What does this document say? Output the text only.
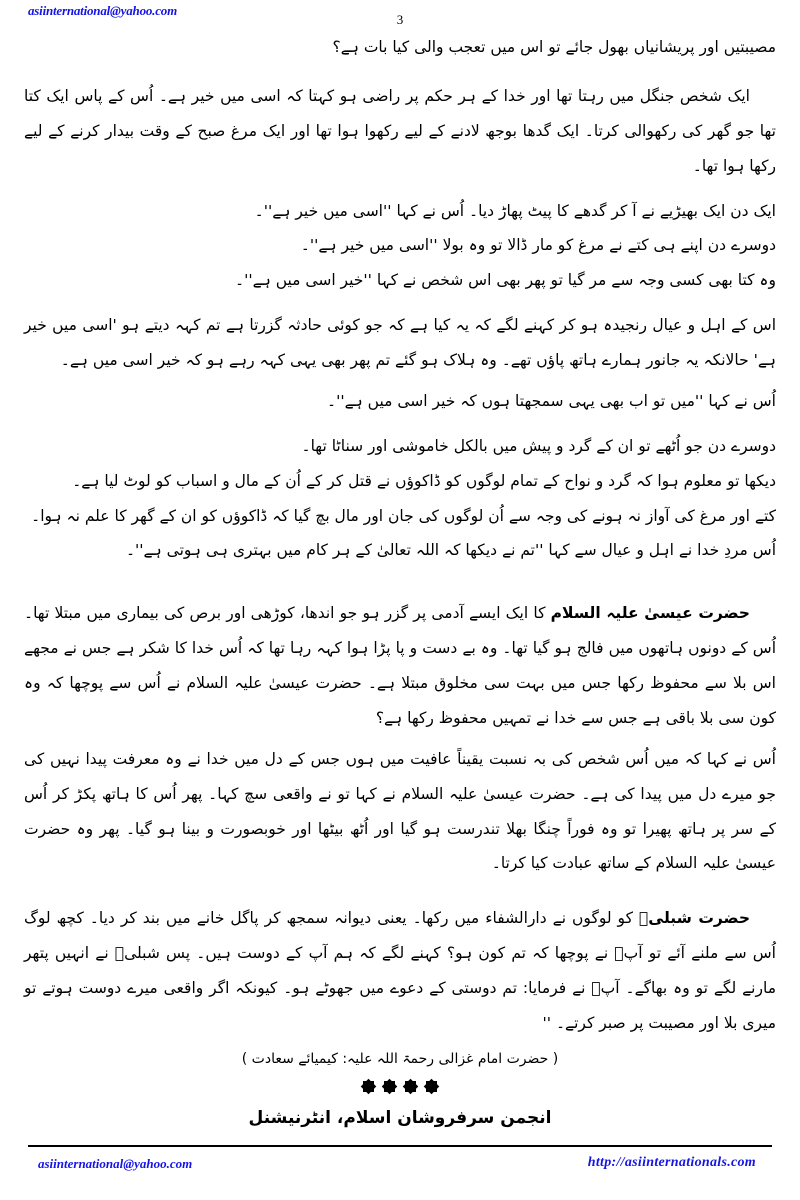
asiinternational@yahoo.com
3
مصیبتیں اور پریشانیاں بھول جائے تو اس میں تعجب والی کیا بات ہے؟

ایک شخص جنگل میں رہتا تھا اور خدا کے ہر حکم پر راضی ہو کہتا کہ اسی میں خیر ہے۔ اُس کے پاس ایک کتا تھا جو گھر کی رکھوالی کرتا۔ ایک گدھا بوجھ لادنے کے لیے رکھوا ہوا تھا اور ایک مرغ صبح کے وقت بیدار کرنے کے لیے رکھا ہوا تھا۔

ایک دن ایک بھیڑیے نے آ کر گدھے کا پیٹ پھاڑ دیا۔ اُس نے کہا ''اسی میں خیر ہے''۔

دوسرے دن اپنے ہی کتے نے مرغ کو مار ڈالا تو وہ بولا ''اسی میں خیر ہے''۔

وہ کتا بھی کسی وجہ سے مر گیا تو پھر بھی اس شخص نے کہا ''خیر اسی میں ہے''۔

اس کے اہل و عیال رنجیدہ ہو کر کہنے لگے کہ یہ کیا ہے کہ جو کوئی حادثہ گزرتا ہے تم کہہ دیتے ہو 'اسی میں خیر ہے' حالانکہ یہ جانور ہمارے ہاتھ پاؤں تھے۔ وہ ہلاک ہو گئے تم پھر بھی یہی کہہ رہے ہو کہ خیر اسی میں ہے۔

اُس نے کہا ''میں تو اب بھی یہی سمجھتا ہوں کہ خیر اسی میں ہے''۔

دوسرے دن جو اُٹھے تو ان کے گرد و پیش میں بالکل خاموشی اور سناٹا تھا۔

دیکھا تو معلوم ہوا کہ گرد و نواح کے تمام لوگوں کو ڈاکوؤں نے قتل کر کے اُن کے مال و اسباب کو لوٹ لیا ہے۔

کتے اور مرغ کی آواز نہ ہونے کی وجہ سے اُن لوگوں کی جان اور مال بچ گیا کہ ڈاکوؤں کو ان کے گھر کا علم نہ ہوا۔

اُس مردِ خدا نے اہل و عیال سے کہا ''تم نے دیکھا کہ اللہ تعالیٰ کے ہر کام میں بہتری ہی ہوتی ہے''۔

حضرت عیسیٰ علیہ السلام کا ایک ایسے آدمی پر گزر ہو جو اندھا، کوڑھی اور برص کی بیماری میں مبتلا تھا۔ اُس کے دونوں ہاتھوں میں فالج ہو گیا تھا۔ وہ بے دست و پا پڑا ہوا کہہ رہا تھا کہ اُس خدا کا شکر ہے جس نے مجھے اس بلا سے محفوظ رکھا جس میں بہت سی مخلوق مبتلا ہے۔ حضرت عیسیٰ علیہ السلام نے اُس سے پوچھا کہ وہ کون سی بلا باقی ہے جس سے خدا نے تمہیں محفوظ رکھا ہے؟

اُس نے کہا کہ میں اُس شخص کی بہ نسبت یقیناً عافیت میں ہوں جس کے دل میں خدا نے وہ معرفت پیدا نہیں کی جو میرے دل میں پیدا کی ہے۔ حضرت عیسیٰ علیہ السلام نے کہا تو نے واقعی سچ کہا۔ پھر اُس کا ہاتھ پکڑ کر اُس کے سر پر ہاتھ پھیرا تو وہ فوراً چنگا بھلا تندرست ہو گیا اور اُٹھ بیٹھا اور خوبصورت و بینا ہو گیا۔ پھر وہ حضرت عیسیٰ علیہ السلام کے ساتھ عبادت کیا کرتا۔

حضرت شبلیؒ کو لوگوں نے دارالشفاء میں رکھا۔ یعنی دیوانہ سمجھ کر پاگل خانے میں بند کر دیا۔ کچھ لوگ اُس سے ملنے آئے تو آپؒ نے پوچھا کہ تم کون ہو؟ کہنے لگے کہ ہم آپ کے دوست ہیں۔ پس شبلیؒ نے انہیں پتھر مارنے لگے تو وہ بھاگے۔ آپؒ نے فرمایا: تم دوستی کے دعوے میں جھوٹے ہو۔ کیونکہ اگر واقعی میرے دوست ہوتے تو میری بلا اور مصیبت پر صبر کرتے۔ ''

( حضرت امام غزالی رحمۃ اللہ علیہ: کیمیائے سعادت )
انجمن سرفروشان اسلام، انٹرنیشنل
asiinternational@yahoo.com	http://asiinternationals.com
